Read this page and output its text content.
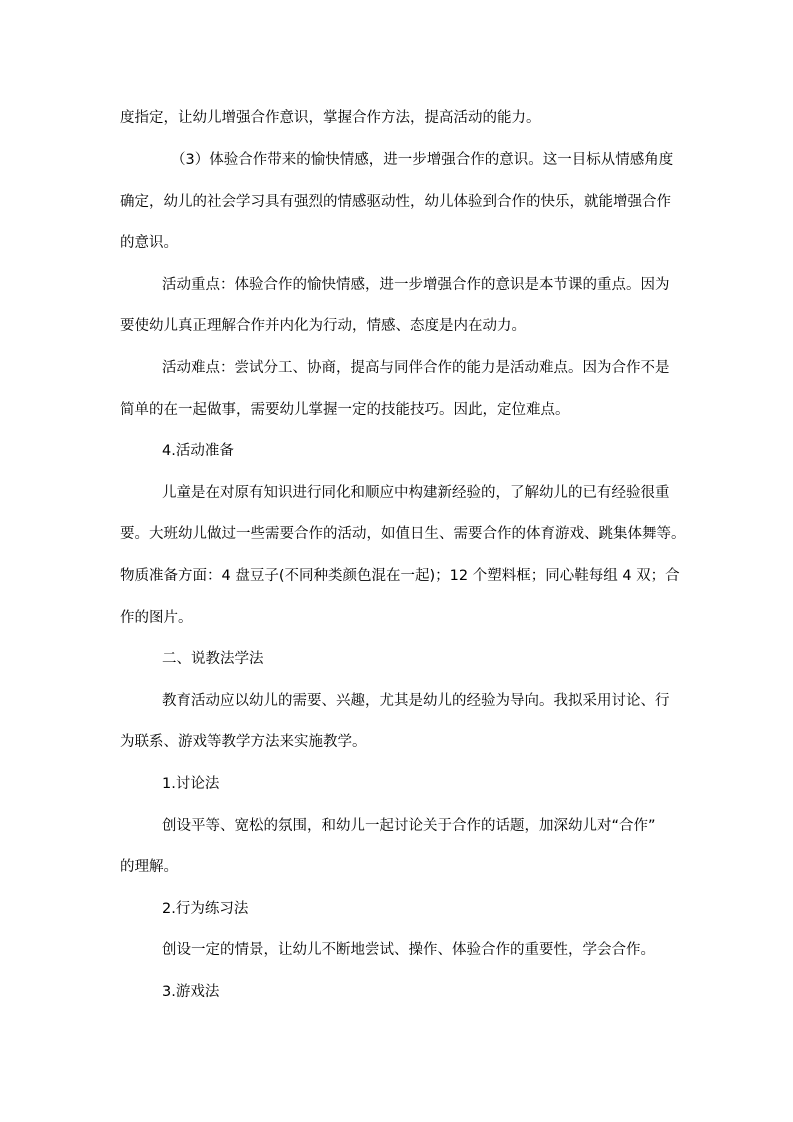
度指定，让幼儿增强合作意识，掌握合作方法，提高活动的能力。
（3）体验合作带来的愉快情感，进一步增强合作的意识。这一目标从情感角度
确定，幼儿的社会学习具有强烈的情感驱动性，幼儿体验到合作的快乐，就能增强合作
的意识。
活动重点：体验合作的愉快情感，进一步增强合作的意识是本节课的重点。因为
要使幼儿真正理解合作并内化为行动，情感、态度是内在动力。
活动难点：尝试分工、协商，提高与同伴合作的能力是活动难点。因为合作不是
简单的在一起做事，需要幼儿掌握一定的技能技巧。因此，定位难点。
4.活动准备
儿童是在对原有知识进行同化和顺应中构建新经验的，了解幼儿的已有经验很重
要。大班幼儿做过一些需要合作的活动，如值日生、需要合作的体育游戏、跳集体舞等。
物质准备方面：4 盘豆子(不同种类颜色混在一起)；12 个塑料框；同心鞋每组 4 双；合
作的图片。
二、说教法学法
教育活动应以幼儿的需要、兴趣，尤其是幼儿的经验为导向。我拟采用讨论、行
为联系、游戏等教学方法来实施教学。
1.讨论法
创设平等、宽松的氛围，和幼儿一起讨论关于合作的话题，加深幼儿对“合作”
的理解。
2.行为练习法
创设一定的情景，让幼儿不断地尝试、操作、体验合作的重要性，学会合作。
3.游戏法
